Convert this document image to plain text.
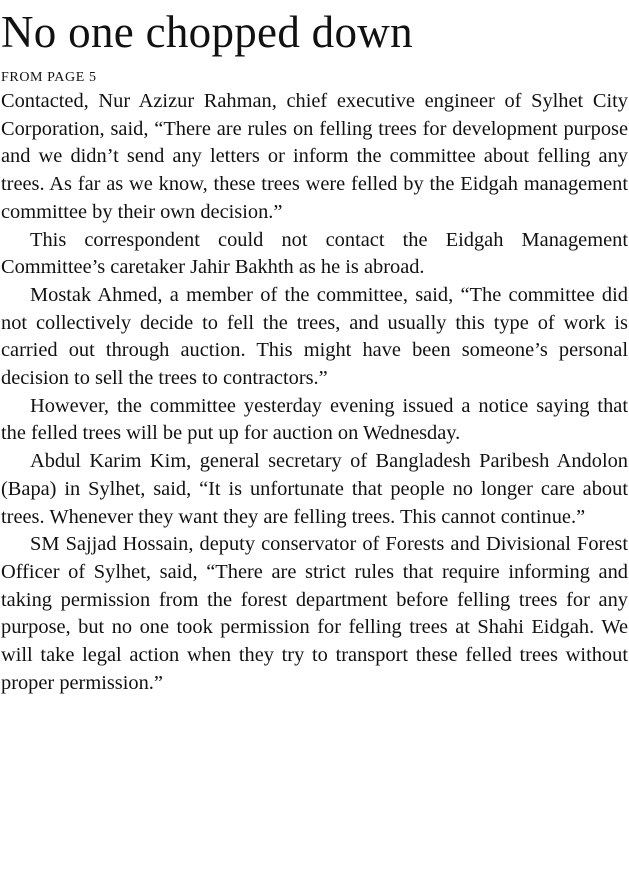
No one chopped down
FROM PAGE 5

Contacted, Nur Azizur Rahman, chief executive engineer of Sylhet City Corporation, said, “There are rules on felling trees for development purpose and we didn’t send any letters or inform the committee about felling any trees. As far as we know, these trees were felled by the Eidgah management committee by their own decision.”

This correspondent could not contact the Eidgah Management Committee’s caretaker Jahir Bakhth as he is abroad.

Mostak Ahmed, a member of the committee, said, “The committee did not collectively decide to fell the trees, and usually this type of work is carried out through auction. This might have been someone’s personal decision to sell the trees to contractors.”

However, the committee yesterday evening issued a notice saying that the felled trees will be put up for auction on Wednesday.

Abdul Karim Kim, general secretary of Bangladesh Paribesh Andolon (Bapa) in Sylhet, said, “It is unfortunate that people no longer care about trees. Whenever they want they are felling trees. This cannot continue.”

SM Sajjad Hossain, deputy conservator of Forests and Divisional Forest Officer of Sylhet, said, “There are strict rules that require informing and taking permission from the forest department before felling trees for any purpose, but no one took permission for felling trees at Shahi Eidgah. We will take legal action when they try to transport these felled trees without proper permission.”
